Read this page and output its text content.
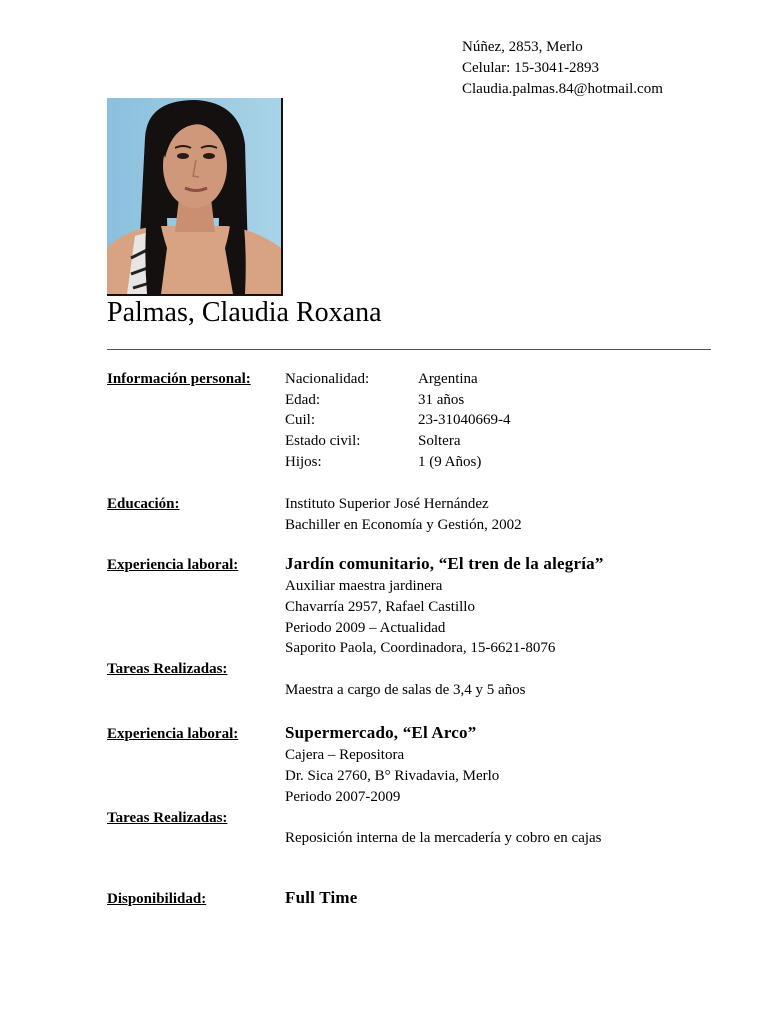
Núñez, 2853, Merlo
Celular: 15-3041-2893
Claudia.palmas.84@hotmail.com
Palmas, Claudia Roxana
Información personal: Nacionalidad:	Argentina
Edad:	31 años
Cuil:	23-31040669-4
Estado civil:	Soltera
Hijos:	1 (9 Años)
Educación:	Instituto Superior José Hernández
Bachiller en Economía y Gestión, 2002
Experiencia laboral:	Jardín comunitario, “El tren de la alegría”
Auxiliar maestra jardinera
Chavarría 2957, Rafael Castillo
Periodo 2009 – Actualidad
Saporito Paola, Coordinadora, 15-6621-8076
Tareas Realizadas:
Maestra a cargo de salas de 3,4 y 5 años
Experiencia laboral:	Supermercado, “El Arco”
Cajera – Repositora
Dr. Sica 2760, B° Rivadavia, Merlo
Periodo 2007-2009
Tareas Realizadas:
Reposición interna de la mercadería y cobro en cajas
Disponibilidad:	Full Time
